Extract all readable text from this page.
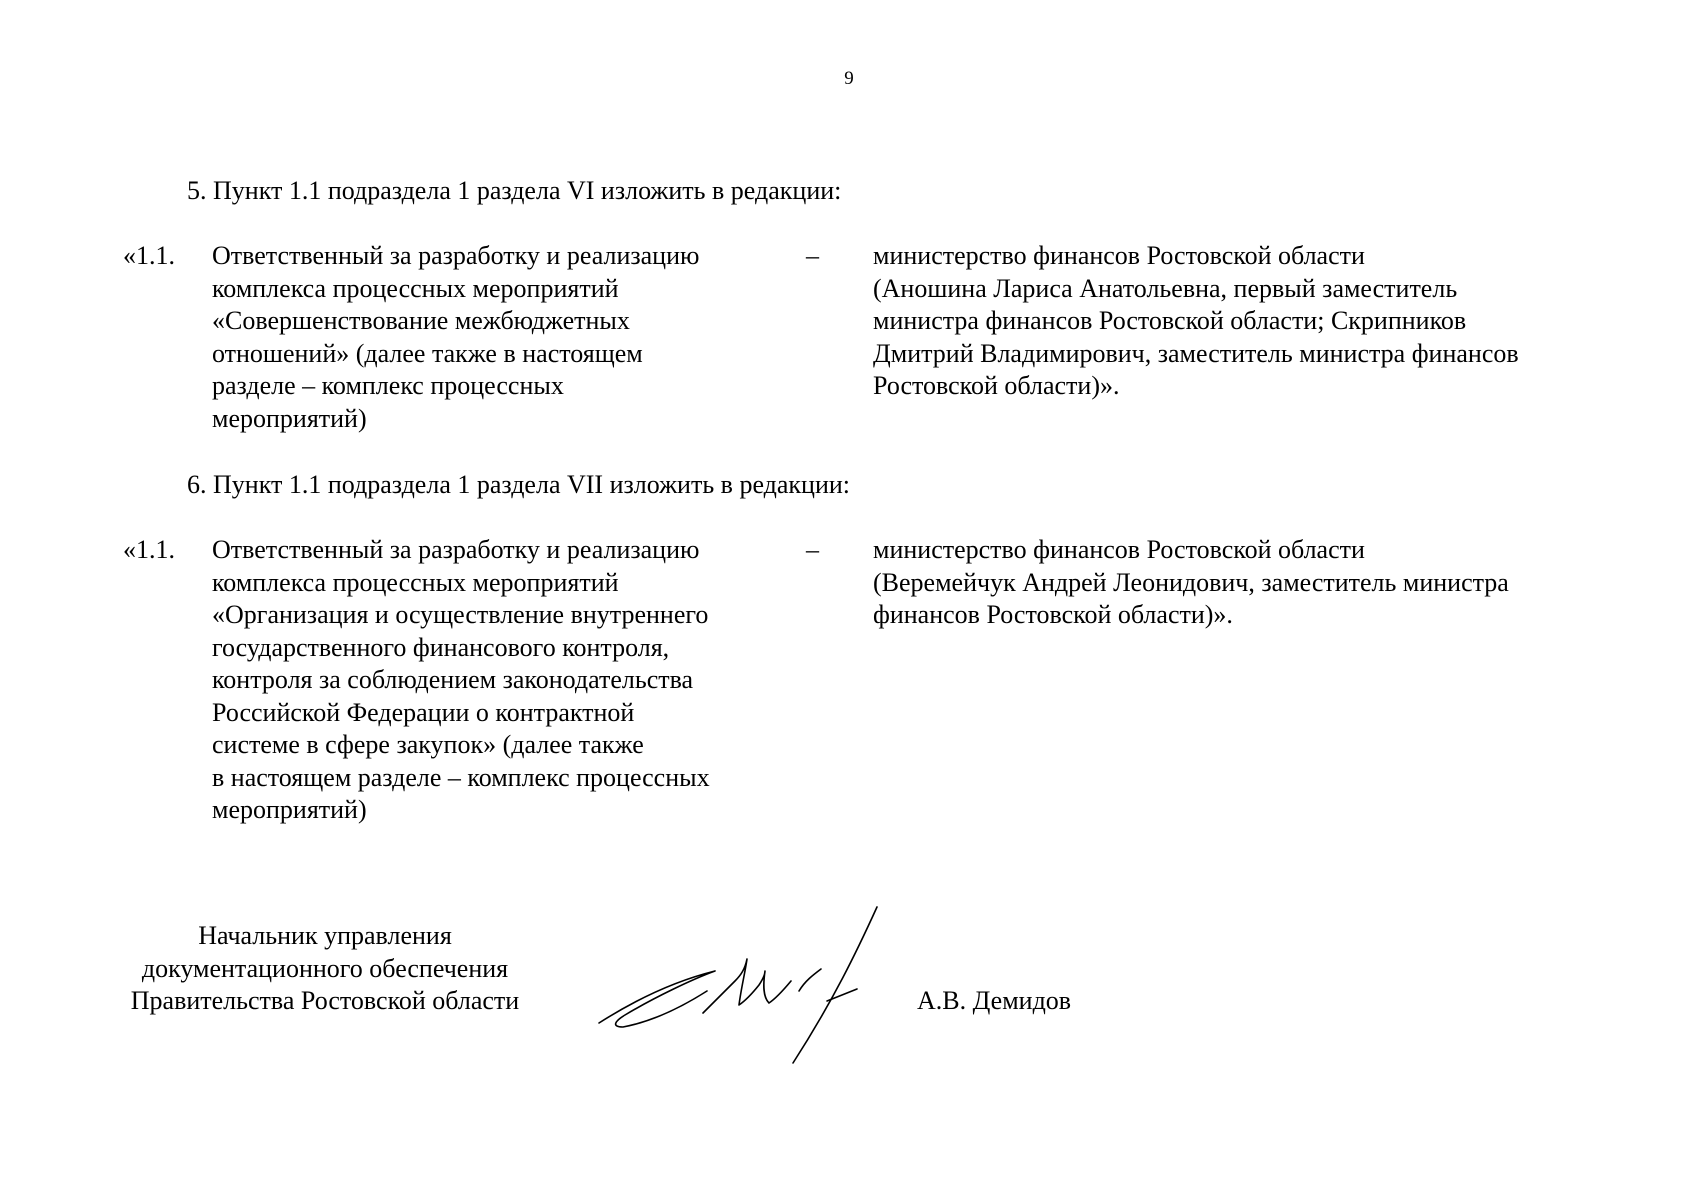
9
5. Пункт 1.1 подраздела 1 раздела VI изложить в редакции:
«1.1. Ответственный за разработку и реализацию
комплекса процессных мероприятий
«Совершенствование межбюджетных
отношений» (далее также в настоящем
разделе – комплекс процессных
мероприятий)
– министерство финансов Ростовской области
(Аношина Лариса Анатольевна, первый заместитель
министра финансов Ростовской области; Скрипников
Дмитрий Владимирович, заместитель министра финансов
Ростовской области)».
6. Пункт 1.1 подраздела 1 раздела VII изложить в редакции:
«1.1. Ответственный за разработку и реализацию
комплекса процессных мероприятий
«Организация и осуществление внутреннего
государственного финансового контроля,
контроля за соблюдением законодательства
Российской Федерации о контрактной
системе в сфере закупок» (далее также
в настоящем разделе – комплекс процессных
мероприятий)
– министерство финансов Ростовской области
(Веремейчук Андрей Леонидович, заместитель министра
финансов Ростовской области)».
Начальник управления
документационного обеспечения
Правительства Ростовской области	А.В. Демидов
